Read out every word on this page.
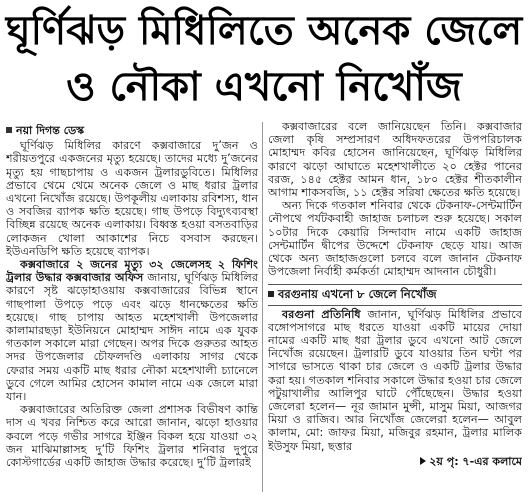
ঘূর্ণিঝড় মিধিলিতে অনেক জেলে
ও নৌকা এখনো নিখোঁজ
নয়া দিগন্ত ডেস্ক

ঘূর্ণিঝড় মিধিলির কারণে কক্সবাজারে দু’জন ও শরীয়তপুরে একজনের মৃত্যু হয়েছে। তাদের মধ্যে দু’জনের মৃত্যু হয় গাছচাপায় ও একজন ট্রলারডুবিতে। মিধিলির প্রভাবে থেমে থেমে অনেক জেলে ও মাছ ধরার ট্রলার এখনো নিখোঁজ রয়েছে। উপকূলীয় এলাকায় রবিশস্য, ধান ও সবজির ব্যাপক ক্ষতি হয়েছে। গাছ উপড়ে বিদ্যুৎব্যবস্থা বিচ্ছিন্ন রয়েছে অনেক এলাকায়। বিধ্বস্ত হওয়া বসতবাড়ির লোকজন খোলা আকাশের নিচে বসবাস করছেন। ইউএনডিপি ক্ষতি হয়েছে ব্যাপক।

কক্সবাজারে ২ জনের মৃত্যু ৩২ জেলেসহ ২ ফিশিং ট্রলার উদ্ধার কক্সবাজার অফিস জানায়, ঘূর্ণিঝড় মিধিলির কারণে সৃষ্ট ঝড়োহাওয়ায় কক্সবাজারের বিভিন্ন স্থানে গাছপালা উপড়ে পড়ে এবং ঝড়ে ধানক্ষেতের ক্ষতি হয়েছে। গাছ চাপায় আহত মহেশখালী উপজেলার কালামারছড়া ইউনিয়নে মোহাম্মদ সাঈদ নামে এক যুবক গতকাল সকালে মারা গেছেন। অপর দিকে গুরুতর আহত সদর উপজেলার চৌফলদণ্ডি এলাকায় সাগর থেকে ফেরার সময় একটি মাছ ধরার নৌকা মহেশখালী চ্যানেলে ডুবে গেলে আমির হোসেন কামাল নামে এক জেলে মারা যান।

কক্সবাজারের অতিরিক্ত জেলা প্রশাসক বিভীষণ কান্তি দাস এ খবর নিশ্চিত করে আরো জানান, ঝড়ো হাওয়ার কবলে পড়ে গভীর সাগরে ইঞ্জিন বিকল হয়ে যাওয়া ৩২ জন মাঝিমাল্লাসহ দু’টি ফিশিং ট্রলার শনিবার দুপুরে কোস্টগার্ডের একটি জাহাজ উদ্ধার করেছে। দু’টি ট্রলারই

কক্সবাজারের বলে জানিয়েছেন তিনি। কক্সবাজার জেলা কৃষি সম্প্রসারণ অধিদফতরের উপপরিচালক মোহাম্মদ কবির হোসেন জানিয়েছেন, ঘূর্ণিঝড় মিধিলির কারণে ঝড়ো আঘাতে মহেশখালীতে ২০ হেক্টর পানের বরজ, ১৪৫ হেক্টর আমন ধান, ১৮০ হেক্টর শীতকালীন আগাম শাকসবজি, ১১ হেক্টর সরিষা ক্ষেতের ক্ষতি হয়েছে।

অন্য দিকে গতকাল শনিবার থেকে টেকনাফ-সেন্টমার্টিন নৌপথে পর্যটকবাহী জাহাজ চলাচল শুরু হয়েছে। সকাল ১০টার দিকে কেয়ারি সিন্দাবাদ নামে একটি জাহাজ সেন্টমার্টিন দ্বীপের উদ্দেশে টেকনাফ ছেড়ে যায়। আজ থেকে অন্য জাহাজগুলো চলবে বলে জানান টেকনাফ উপজেলা নির্বাহী কর্মকর্তা মোহাম্মদ আদনান চৌধুরী।

বরগুনায় এখনো ৮ জেলে নিখোঁজ

বরগুনা প্রতিনিধি জানান, ঘূর্ণিঝড় মিধিলির প্রভাবে বঙ্গোপসাগরে মাছ ধরতে যাওয়া একটি মায়ের দোয়া নামের একটি মাছ ধরা ট্রলার ডুবে এখনো আট জেলে নিখোঁজ রয়েছেন। ট্রলারটি ডুবে যাওয়ার তিন ঘণ্টা পর সাগরে ভাসতে থাকা চার জেলে ও একটি ট্রলার উদ্ধার করা হয়। গতকাল শনিবার সকালে উদ্ধার হওয়া চার জেলে পটুয়াখালীর আলিপুর ঘাটে পৌঁছেছেন। উদ্ধার হওয়া জেলেরা হলেন— নূর জামান মুন্সী, মাসুম মিয়া, আজগর মিয়া ও রাজিব। আর নিখোঁজ জেলেরা হলেন— আবুল কালাম, মো: জাফর মিয়া, মজিবুর রহমান, ট্রলার মালিক ইউসুফ মিয়া, ছত্তার

২য় পৃ: ৭-এর কলামে
